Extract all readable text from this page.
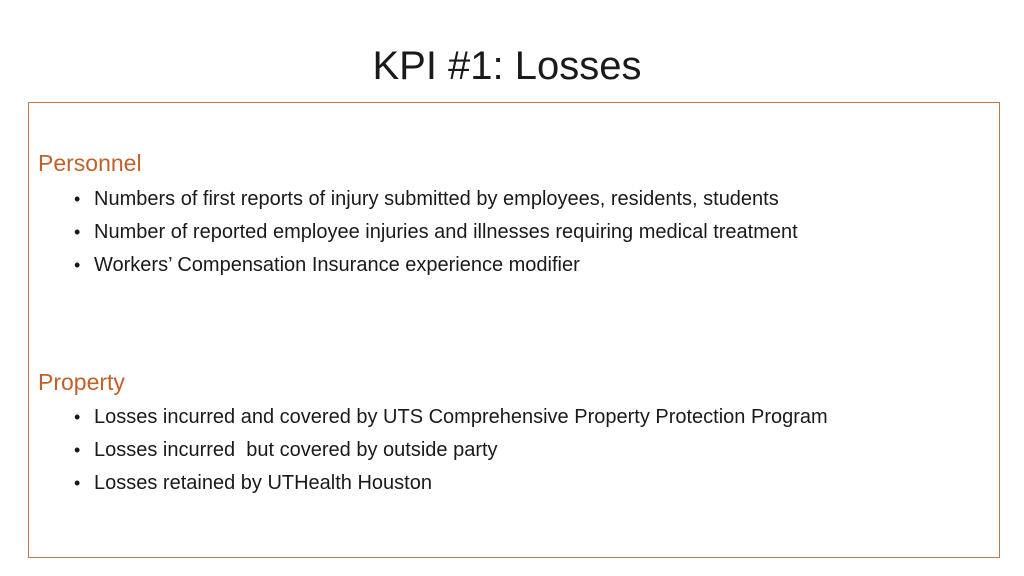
KPI #1: Losses
Personnel
• Numbers of first reports of injury submitted by employees, residents, students
• Number of reported employee injuries and illnesses requiring medical treatment
• Workers’ Compensation Insurance experience modifier
Property
• Losses incurred and covered by UTS Comprehensive Property Protection Program
• Losses incurred  but covered by outside party
• Losses retained by UTHealth Houston
